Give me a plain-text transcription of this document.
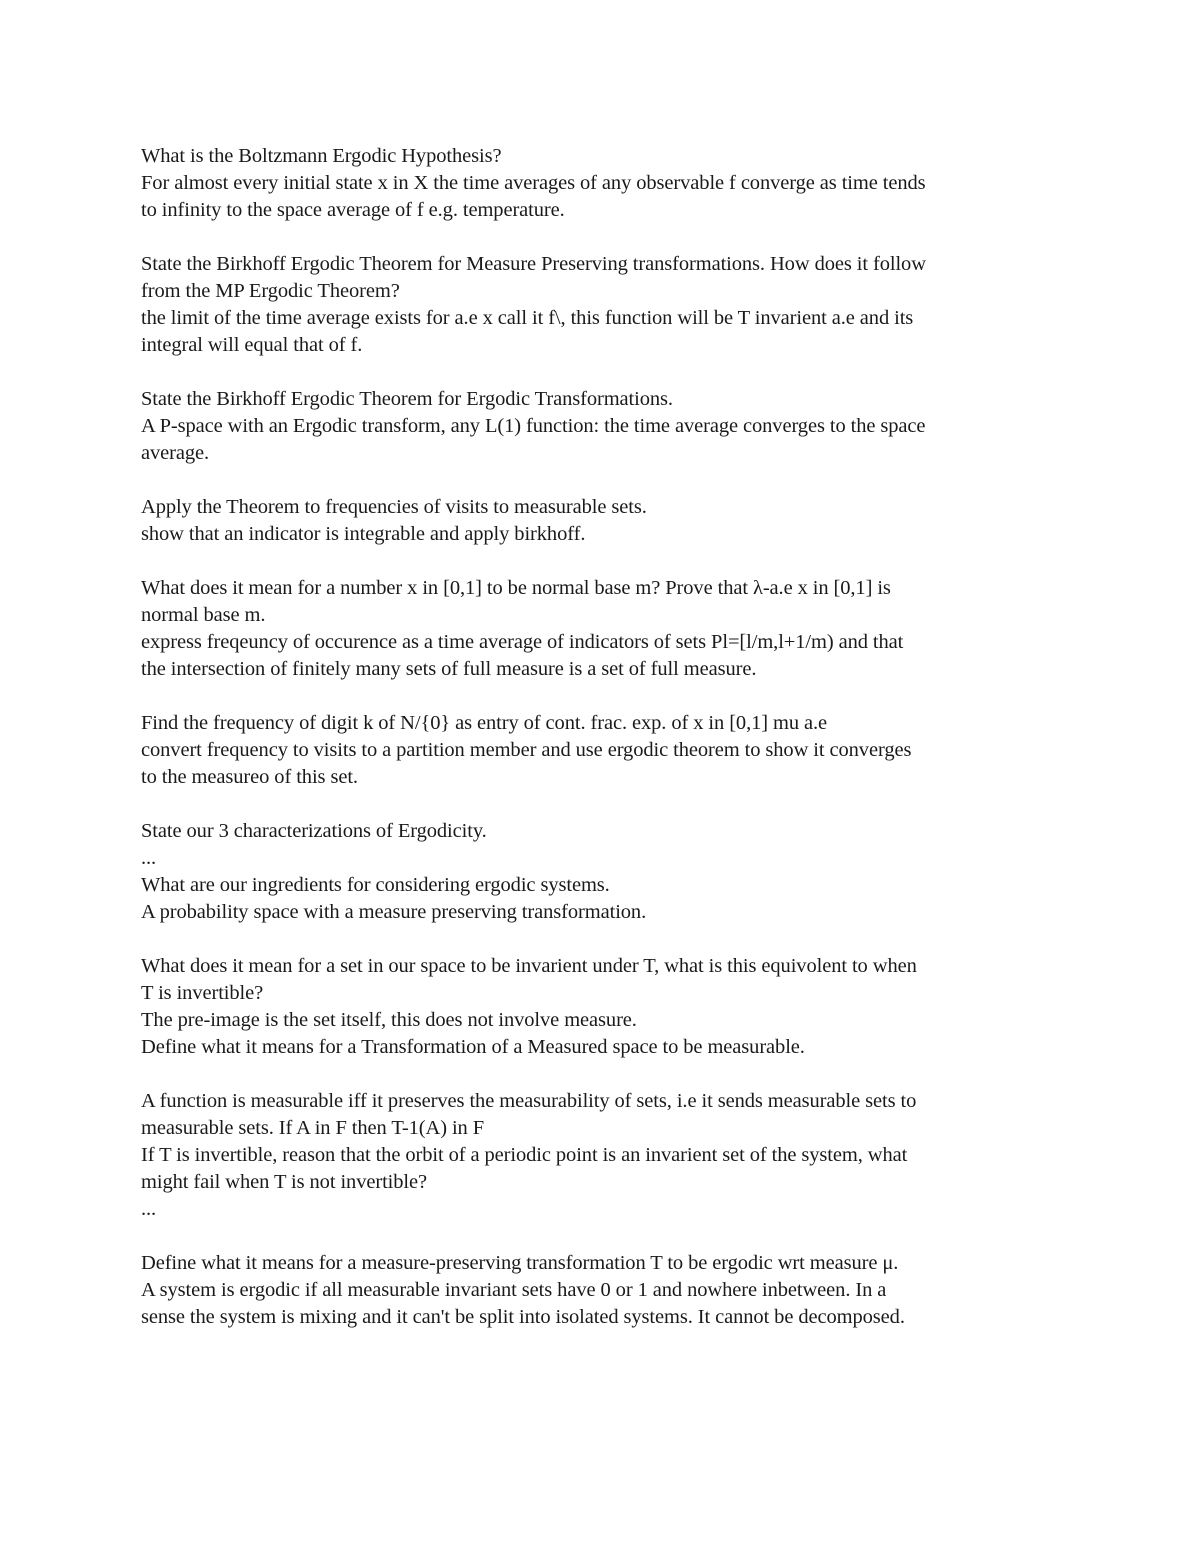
What is the Boltzmann Ergodic Hypothesis?
For almost every initial state x in X the time averages of any observable f converge as time tends
to infinity to the space average of f e.g. temperature.
State the Birkhoff Ergodic Theorem for Measure Preserving transformations. How does it follow
from the MP Ergodic Theorem?
the limit of the time average exists for a.e x call it f\, this function will be T invarient a.e and its
integral will equal that of f.
State the Birkhoff Ergodic Theorem for Ergodic Transformations.
A P-space with an Ergodic transform, any L(1) function: the time average converges to the space
average.
Apply the Theorem to frequencies of visits to measurable sets.
show that an indicator is integrable and apply birkhoff.
What does it mean for a number x in [0,1] to be normal base m? Prove that λ-a.e x in [0,1] is
normal base m.
express freqeuncy of occurence as a time average of indicators of sets Pl=[l/m,l+1/m) and that
the intersection of finitely many sets of full measure is a set of full measure.
Find the frequency of digit k of N/{0} as entry of cont. frac. exp. of x in [0,1] mu a.e
convert frequency to visits to a partition member and use ergodic theorem to show it converges
to the measureo of this set.
State our 3 characterizations of Ergodicity.
...
What are our ingredients for considering ergodic systems.
A probability space with a measure preserving transformation.
What does it mean for a set in our space to be invarient under T, what is this equivolent to when
T is invertible?
The pre-image is the set itself, this does not involve measure.
Define what it means for a Transformation of a Measured space to be measurable.
A function is measurable iff it preserves the measurability of sets, i.e it sends measurable sets to
measurable sets. If A in F then T-1(A) in F
If T is invertible, reason that the orbit of a periodic point is an invarient set of the system, what
might fail when T is not invertible?
...
Define what it means for a measure-preserving transformation T to be ergodic wrt measure μ.
A system is ergodic if all measurable invariant sets have 0 or 1 and nowhere inbetween. In a
sense the system is mixing and it can't be split into isolated systems. It cannot be decomposed.
